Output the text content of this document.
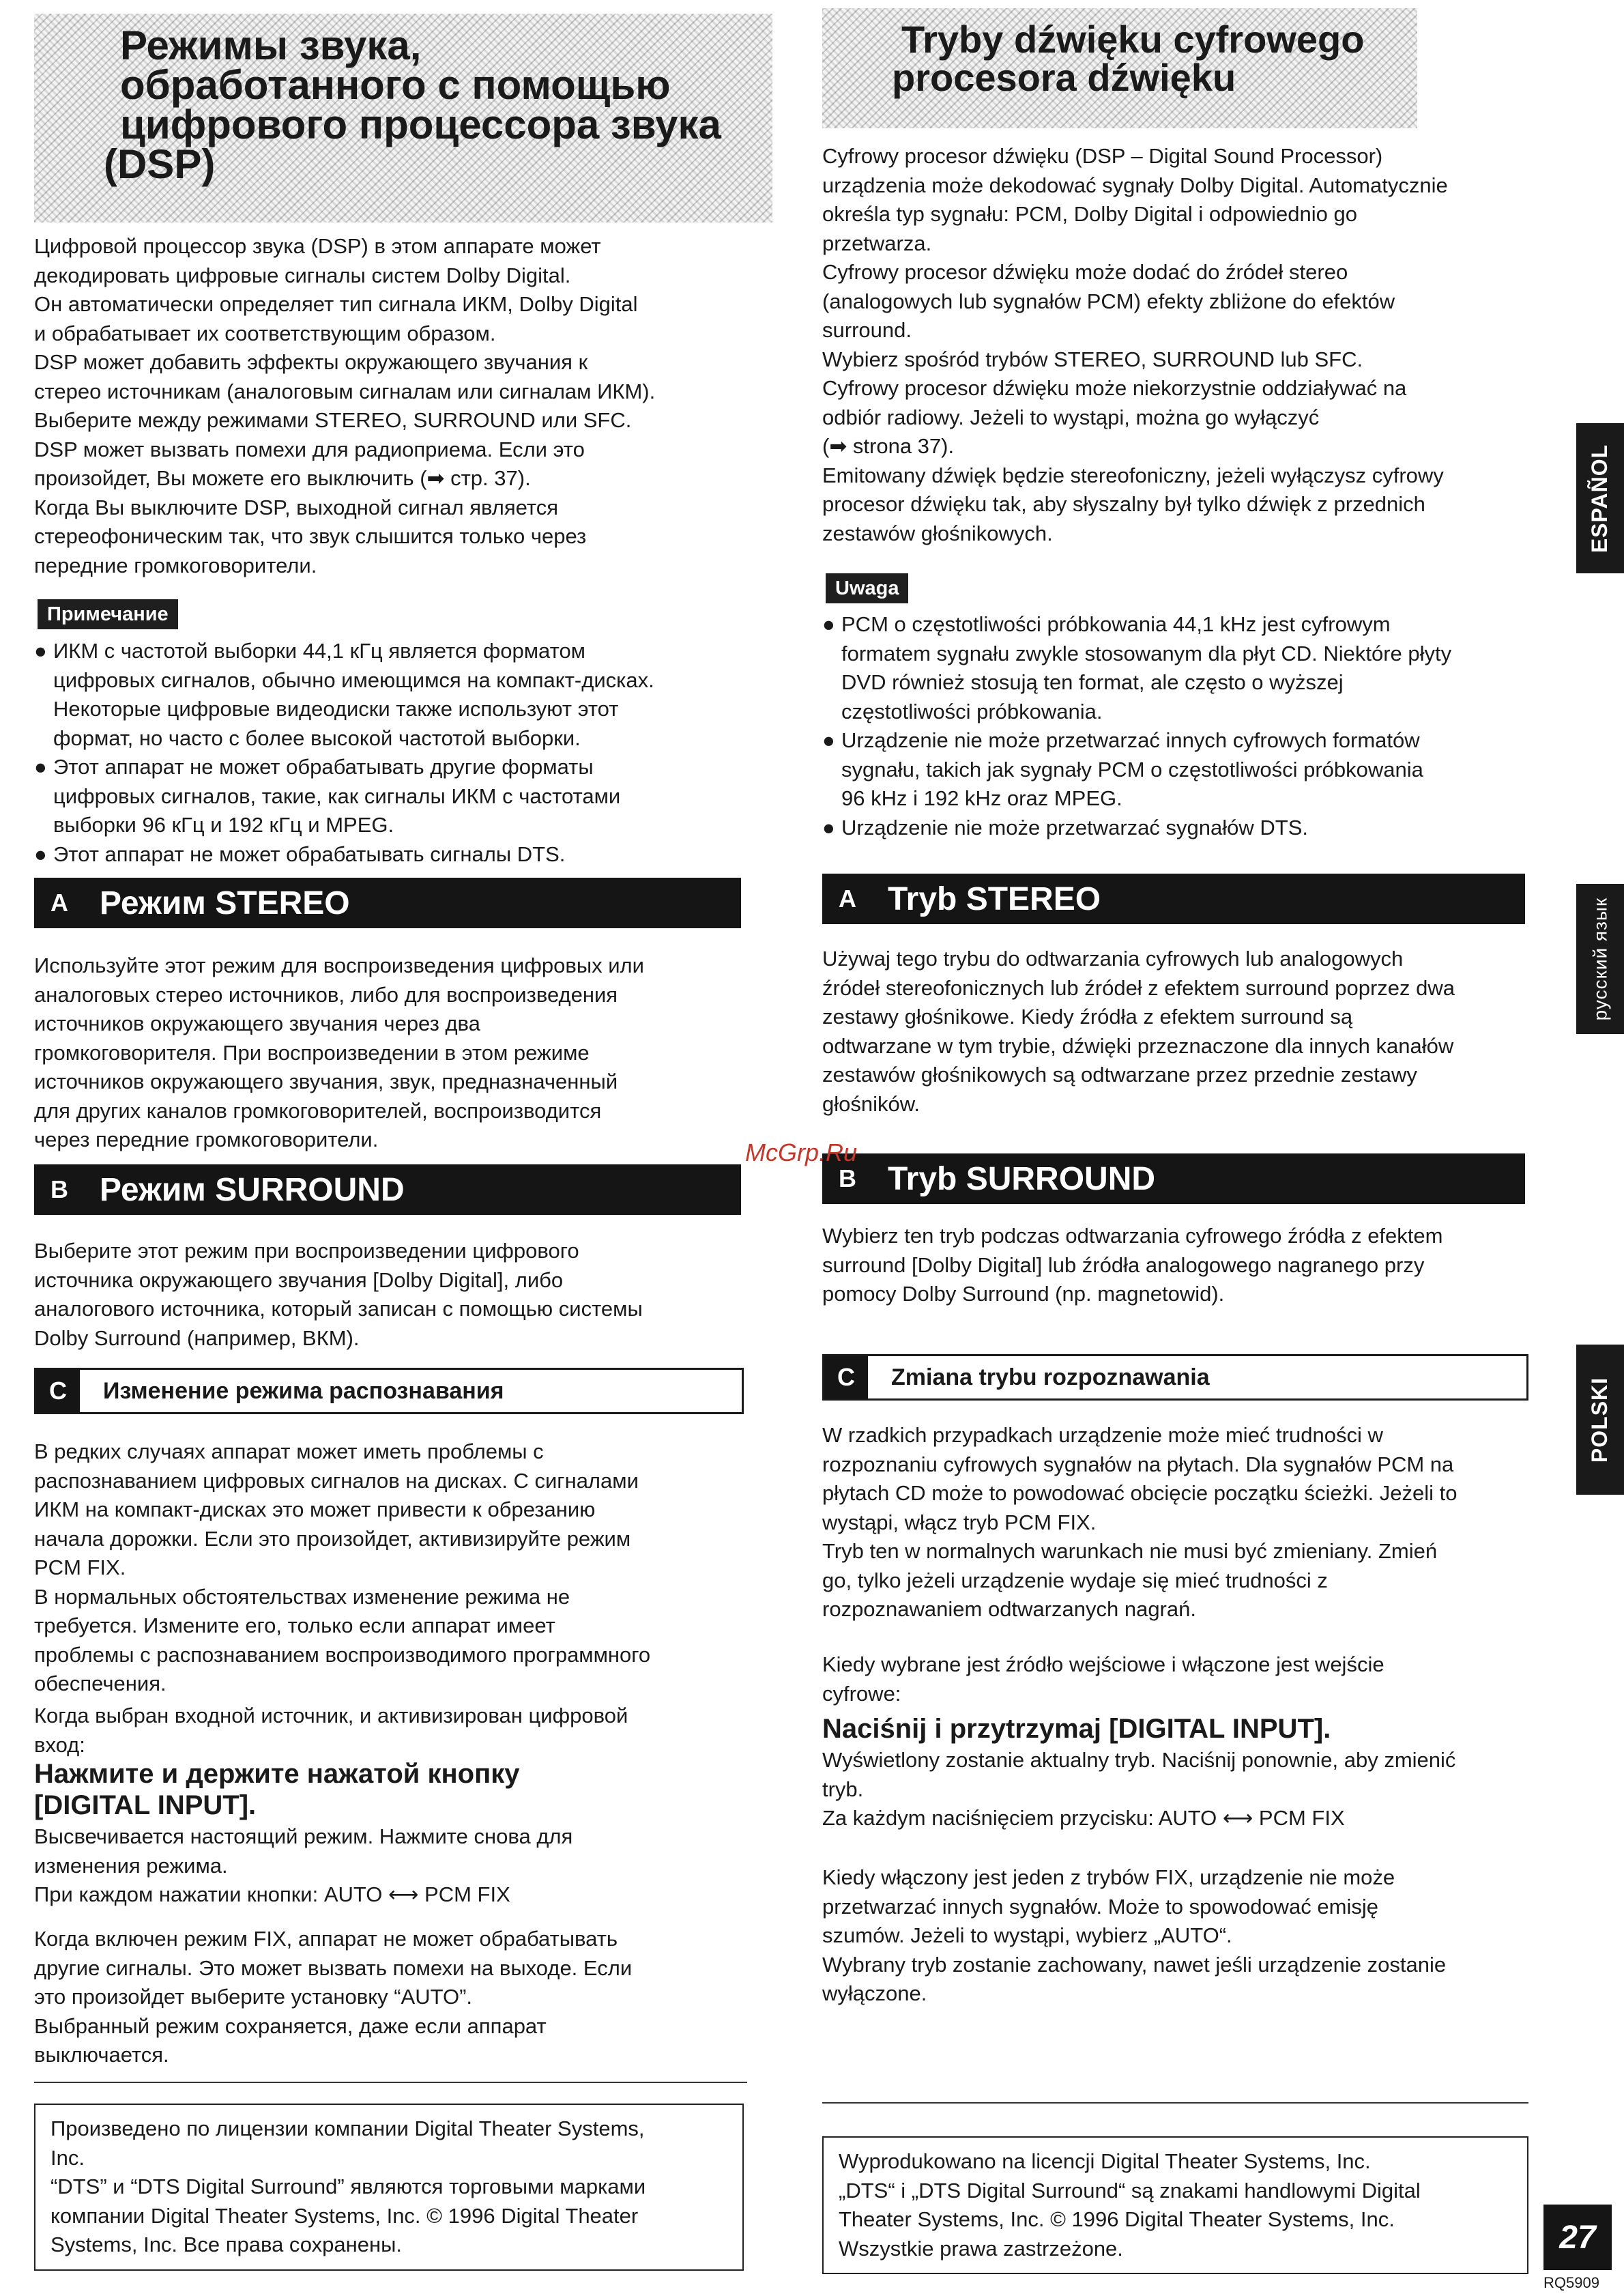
Режимы звука,
обработанного с помощью
цифрового процессора звука
(DSP)

Цифровой процессор звука (DSP) в этом аппарате может
декодировать цифровые сигналы систем Dolby Digital.
Он автоматически определяет тип сигнала ИКМ, Dolby Digital
и обрабатывает их соответствующим образом.
DSP может добавить эффекты окружающего звучания к
стерео источникам (аналоговым сигналам или сигналам ИКМ).
Выберите между режимами STEREO, SURROUND или SFC.
DSP может вызвать помехи для радиоприема. Если это
произойдет, Вы можете его выключить (➡ стр. 37).
Когда Вы выключите DSP, выходной сигнал является
стереофоническим так, что звук слышится только через
передние громкоговорители.

Примечание
● ИКМ с частотой выборки 44,1 кГц является форматом
цифровых сигналов, обычно имеющимся на компакт-дисках.
Некоторые цифровые видеодиски также используют этот
формат, но часто с более высокой частотой выборки.
● Этот аппарат не может обрабатывать другие форматы
цифровых сигналов, такие, как сигналы ИКМ с частотами
выборки 96 кГц и 192 кГц и MPEG.
● Этот аппарат не может обрабатывать сигналы DTS.
A Режим STEREO

Используйте этот режим для воспроизведения цифровых или
аналоговых стерео источников, либо для воспроизведения
источников окружающего звучания через два
громкоговорителя. При воспроизведении в этом режиме
источников окружающего звучания, звук, предназначенный
для других каналов громкоговорителей, воспроизводится
через передние громкоговорители.

B Режим SURROUND

Выберите этот режим при воспроизведении цифрового
источника окружающего звучания [Dolby Digital], либо
аналогового источника, который записан с помощью системы
Dolby Surround (например, ВКМ).

C	Изменение режима распознавания

В редких случаях аппарат может иметь проблемы с
распознаванием цифровых сигналов на дисках. С сигналами
ИКМ на компакт-дисках это может привести к обрезанию
начала дорожки. Если это произойдет, активизируйте режим
PCM FIX.
В нормальных обстоятельствах изменение режима не
требуется. Измените его, только если аппарат имеет
проблемы с распознаванием воспроизводимого программного
обеспечения.

Когда выбран входной источник, и активизирован цифровой
вход:

Нажмите и держите нажатой кнопку
[DIGITAL INPUT].

Высвечивается настоящий режим. Нажмите снова для
изменения режима.
При каждом нажатии кнопки: AUTO ⟷ PCM FIX

Когда включен режим FIX, аппарат не может обрабатывать
другие сигналы. Это может вызвать помехи на выходе. Если
это произойдет выберите установку “AUTO”.
Выбранный режим сохраняется, даже если аппарат
выключается.

Произведено по лицензии компании Digital Theater Systems,
Inc.
“DTS” и “DTS Digital Surround” являются торговыми марками
компании Digital Theater Systems, Inc. © 1996 Digital Theater
Systems, Inc. Все права сохранены.
Tryby dźwięku cyfrowego
procesora dźwięku

Cyfrowy procesor dźwięku (DSP – Digital Sound Processor)
urządzenia może dekodować sygnały Dolby Digital. Automatycznie
określa typ sygnału: PCM, Dolby Digital i odpowiednio go
przetwarza.
Cyfrowy procesor dźwięku może dodać do źródeł stereo
(analogowych lub sygnałów PCM) efekty zbliżone do efektów
surround.
Wybierz spośród trybów STEREO, SURROUND lub SFC.
Cyfrowy procesor dźwięku może niekorzystnie oddziaływać na
odbiór radiowy. Jeżeli to wystąpi, można go wyłączyć
(➡ strona 37).
Emitowany dźwięk będzie stereofoniczny, jeżeli wyłączysz cyfrowy
procesor dźwięku tak, aby słyszalny był tylko dźwięk z przednich
zestawów głośnikowych.

Uwaga
● PCM o częstotliwości próbkowania 44,1 kHz jest cyfrowym
formatem sygnału zwykle stosowanym dla płyt CD. Niektóre płyty
DVD również stosują ten format, ale często o wyższej
częstotliwości próbkowania.
● Urządzenie nie może przetwarzać innych cyfrowych formatów
sygnału, takich jak sygnały PCM o częstotliwości próbkowania
96 kHz i 192 kHz oraz MPEG.
● Urządzenie nie może przetwarzać sygnałów DTS.
A Tryb STEREO

Używaj tego trybu do odtwarzania cyfrowych lub analogowych
źródeł stereofonicznych lub źródeł z efektem surround poprzez dwa
zestawy głośnikowe. Kiedy źródła z efektem surround są
odtwarzane w tym trybie, dźwięki przeznaczone dla innych kanałów
zestawów głośnikowych są odtwarzane przez przednie zestawy
głośników.

B Tryb SURROUND

Wybierz ten tryb podczas odtwarzania cyfrowego źródła z efektem
surround [Dolby Digital] lub źródła analogowego nagranego przy
pomocy Dolby Surround (np. magnetowid).

C	Zmiana trybu rozpoznawania

W rzadkich przypadkach urządzenie może mieć trudności w
rozpoznaniu cyfrowych sygnałów na płytach. Dla sygnałów PCM na
płytach CD może to powodować obcięcie początku ścieżki. Jeżeli to
wystąpi, włącz tryb PCM FIX.
Tryb ten w normalnych warunkach nie musi być zmieniany. Zmień
go, tylko jeżeli urządzenie wydaje się mieć trudności z
rozpoznawaniem odtwarzanych nagrań.

Kiedy wybrane jest źródło wejściowe i włączone jest wejście
cyfrowe:

Naciśnij i przytrzymaj [DIGITAL INPUT].

Wyświetlony zostanie aktualny tryb. Naciśnij ponownie, aby zmienić
tryb.
Za każdym naciśnięciem przycisku: AUTO ⟷ PCM FIX

Kiedy włączony jest jeden z trybów FIX, urządzenie nie może
przetwarzać innych sygnałów. Może to spowodować emisję
szumów. Jeżeli to wystąpi, wybierz „AUTO“.
Wybrany tryb zostanie zachowany, nawet jeśli urządzenie zostanie
wyłączone.

Wyprodukowano na licencji Digital Theater Systems, Inc.
„DTS“ i „DTS Digital Surround“ są znakami handlowymi Digital
Theater Systems, Inc. © 1996 Digital Theater Systems, Inc.
Wszystkie prawa zastrzeżone.
ESPAÑOL
русский язык
POLSKI
McGrp.Ru
27
RQ5909
